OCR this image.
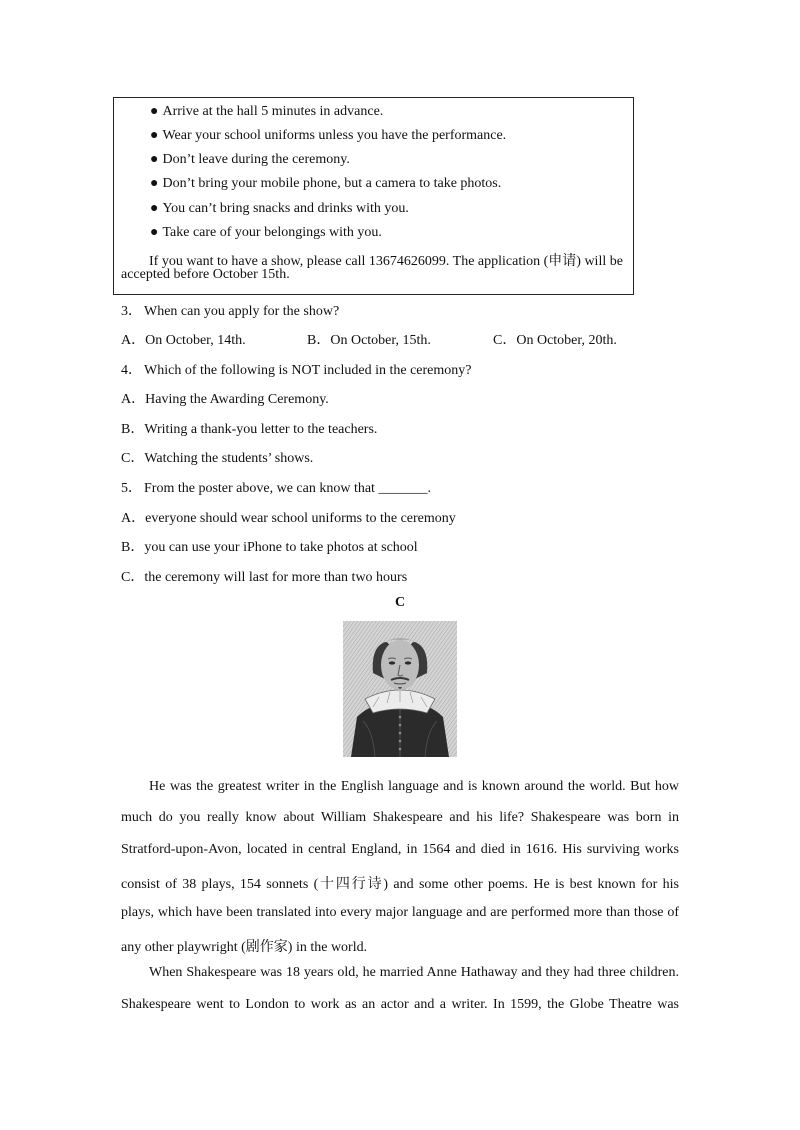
● Arrive at the hall 5 minutes in advance.
● Wear your school uniforms unless you have the performance.
● Don’t leave during the ceremony.
● Don’t bring your mobile phone, but a camera to take photos.
● You can’t bring snacks and drinks with you.
● Take care of your belongings with you.
If you want to have a show, please call 13674626099. The application (申请) will be
accepted before October 15th.
3． When can you apply for the show?
A．On October, 14th.	B．On October, 15th.	C．On October, 20th.
4． Which of the following is NOT included in the ceremony?
A．Having the Awarding Ceremony.
B．Writing a thank-you letter to the teachers.
C．Watching the students’ shows.
5． From the poster above, we can know that _______.
A．everyone should wear school uniforms to the ceremony
B．you can use your iPhone to take photos at school
C．the ceremony will last for more than two hours
C
He was the greatest writer in the English language and is known around the world. But how
much do you really know about William Shakespeare and his life? Shakespeare was born in
Stratford-upon-Avon, located in central England, in 1564 and died in 1616. His surviving works
consist of 38 plays, 154 sonnets (十四行诗) and some other poems. He is best known for his
plays, which have been translated into every major language and are performed more than those of
any other playwright (剧作家) in the world.
When Shakespeare was 18 years old, he married Anne Hathaway and they had three children.
Shakespeare went to London to work as an actor and a writer. In 1599, the Globe Theatre was
